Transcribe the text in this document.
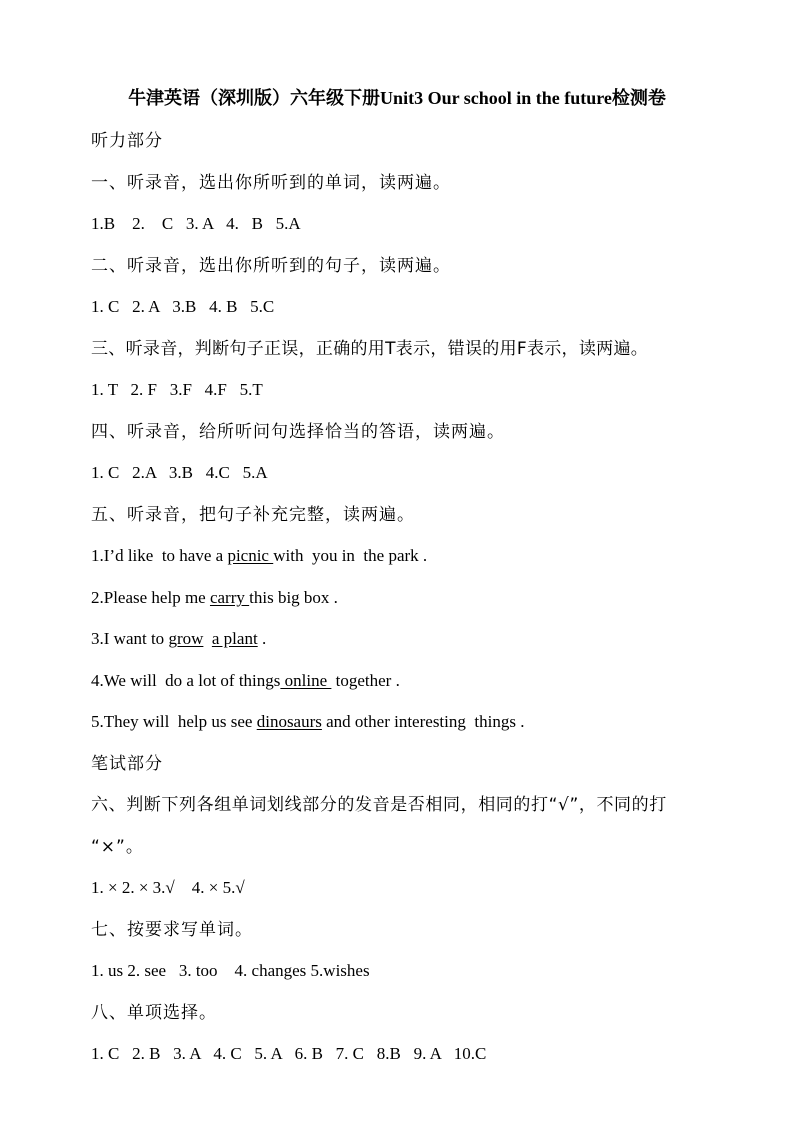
牛津英语（深圳版）六年级下册Unit3 Our school in the future检测卷
听力部分
一、听录音，选出你所听到的单词，读两遍。
1.B    2.    C   3. A   4.   B   5.A
二、听录音，选出你所听到的句子，读两遍。
1. C   2. A   3.B   4. B   5.C
三、听录音，判断句子正误，正确的用T表示，错误的用F表示，读两遍。
1. T   2. F   3.F   4.F   5.T
四、听录音，给所听问句选择恰当的答语，读两遍。
1. C   2.A   3.B   4.C   5.A
五、听录音，把句子补充完整，读两遍。
1.I’d like  to have a picnic with  you in  the park .
2.Please help me carry this big box .
3.I want to grow a plant .
4.We will  do a lot of things online  together .
5.They will  help us see dinosaurs and other interesting  things .
笔试部分
六、判断下列各组单词划线部分的发音是否相同，相同的打“√”，不同的打
“×”。
1. × 2. × 3.√    4. × 5.√
七、按要求写单词。
1. us 2. see   3. too    4. changes 5.wishes
八、单项选择。
1. C   2. B   3. A   4. C   5. A   6. B   7. C   8.B   9. A   10.C
